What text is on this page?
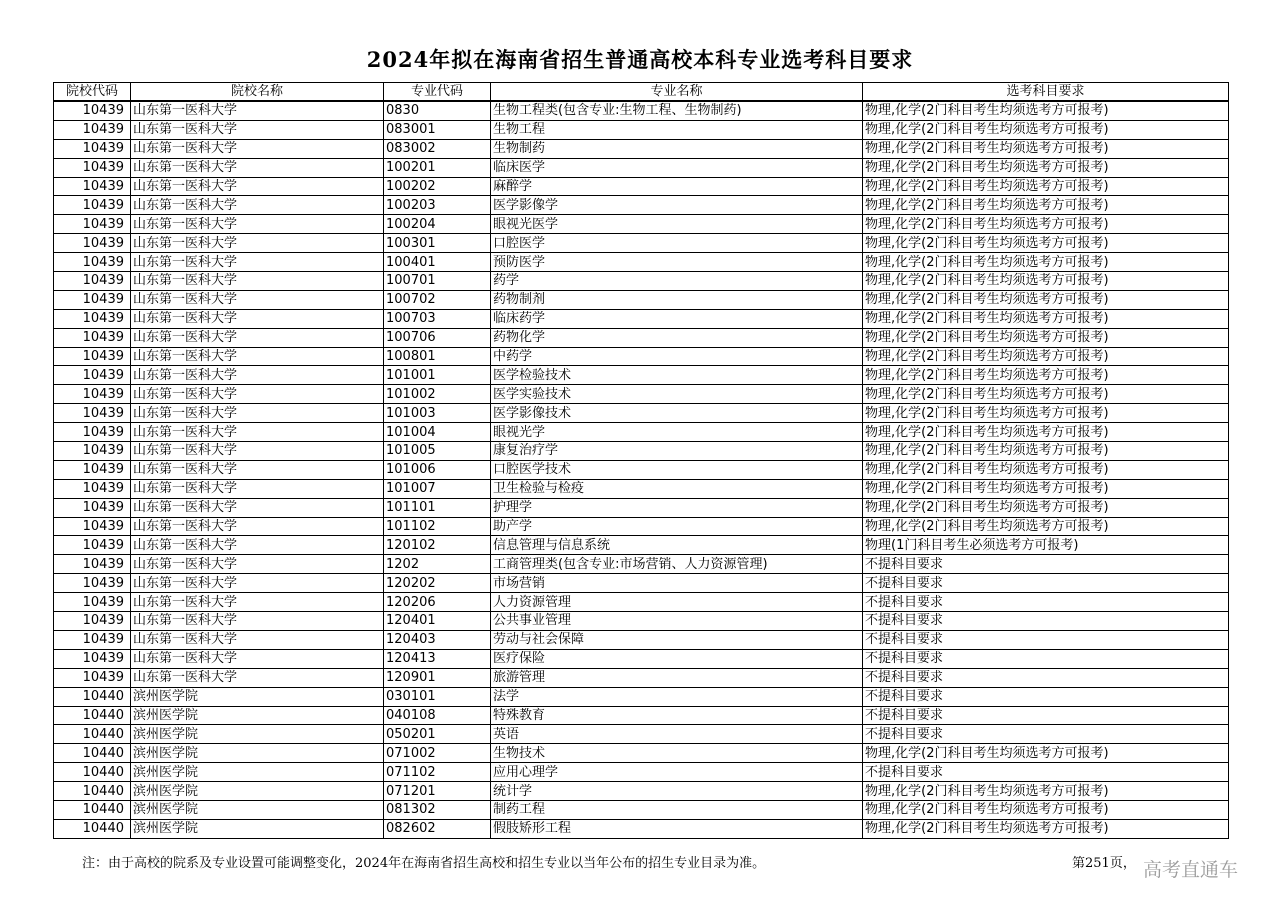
2024年拟在海南省招生普通高校本科专业选考科目要求
院校代码	院校名称	专业代码	专业名称	选考科目要求
10439	山东第一医科大学	0830	生物工程类(包含专业:生物工程、生物制药)	物理,化学(2门科目考生均须选考方可报考)
10439	山东第一医科大学	083001	生物工程	物理,化学(2门科目考生均须选考方可报考)
10439	山东第一医科大学	083002	生物制药	物理,化学(2门科目考生均须选考方可报考)
10439	山东第一医科大学	100201	临床医学	物理,化学(2门科目考生均须选考方可报考)
10439	山东第一医科大学	100202	麻醉学	物理,化学(2门科目考生均须选考方可报考)
10439	山东第一医科大学	100203	医学影像学	物理,化学(2门科目考生均须选考方可报考)
10439	山东第一医科大学	100204	眼视光医学	物理,化学(2门科目考生均须选考方可报考)
10439	山东第一医科大学	100301	口腔医学	物理,化学(2门科目考生均须选考方可报考)
10439	山东第一医科大学	100401	预防医学	物理,化学(2门科目考生均须选考方可报考)
10439	山东第一医科大学	100701	药学	物理,化学(2门科目考生均须选考方可报考)
10439	山东第一医科大学	100702	药物制剂	物理,化学(2门科目考生均须选考方可报考)
10439	山东第一医科大学	100703	临床药学	物理,化学(2门科目考生均须选考方可报考)
10439	山东第一医科大学	100706	药物化学	物理,化学(2门科目考生均须选考方可报考)
10439	山东第一医科大学	100801	中药学	物理,化学(2门科目考生均须选考方可报考)
10439	山东第一医科大学	101001	医学检验技术	物理,化学(2门科目考生均须选考方可报考)
10439	山东第一医科大学	101002	医学实验技术	物理,化学(2门科目考生均须选考方可报考)
10439	山东第一医科大学	101003	医学影像技术	物理,化学(2门科目考生均须选考方可报考)
10439	山东第一医科大学	101004	眼视光学	物理,化学(2门科目考生均须选考方可报考)
10439	山东第一医科大学	101005	康复治疗学	物理,化学(2门科目考生均须选考方可报考)
10439	山东第一医科大学	101006	口腔医学技术	物理,化学(2门科目考生均须选考方可报考)
10439	山东第一医科大学	101007	卫生检验与检疫	物理,化学(2门科目考生均须选考方可报考)
10439	山东第一医科大学	101101	护理学	物理,化学(2门科目考生均须选考方可报考)
10439	山东第一医科大学	101102	助产学	物理,化学(2门科目考生均须选考方可报考)
10439	山东第一医科大学	120102	信息管理与信息系统	物理(1门科目考生必须选考方可报考)
10439	山东第一医科大学	1202	工商管理类(包含专业:市场营销、人力资源管理)	不提科目要求
10439	山东第一医科大学	120202	市场营销	不提科目要求
10439	山东第一医科大学	120206	人力资源管理	不提科目要求
10439	山东第一医科大学	120401	公共事业管理	不提科目要求
10439	山东第一医科大学	120403	劳动与社会保障	不提科目要求
10439	山东第一医科大学	120413	医疗保险	不提科目要求
10439	山东第一医科大学	120901	旅游管理	不提科目要求
10440	滨州医学院	030101	法学	不提科目要求
10440	滨州医学院	040108	特殊教育	不提科目要求
10440	滨州医学院	050201	英语	不提科目要求
10440	滨州医学院	071002	生物技术	物理,化学(2门科目考生均须选考方可报考)
10440	滨州医学院	071102	应用心理学	不提科目要求
10440	滨州医学院	071201	统计学	物理,化学(2门科目考生均须选考方可报考)
10440	滨州医学院	081302	制药工程	物理,化学(2门科目考生均须选考方可报考)
10440	滨州医学院	082602	假肢矫形工程	物理,化学(2门科目考生均须选考方可报考)
注：由于高校的院系及专业设置可能调整变化，2024年在海南省招生高校和招生专业以当年公布的招生专业目录为准。	第251页， 高考直通车
